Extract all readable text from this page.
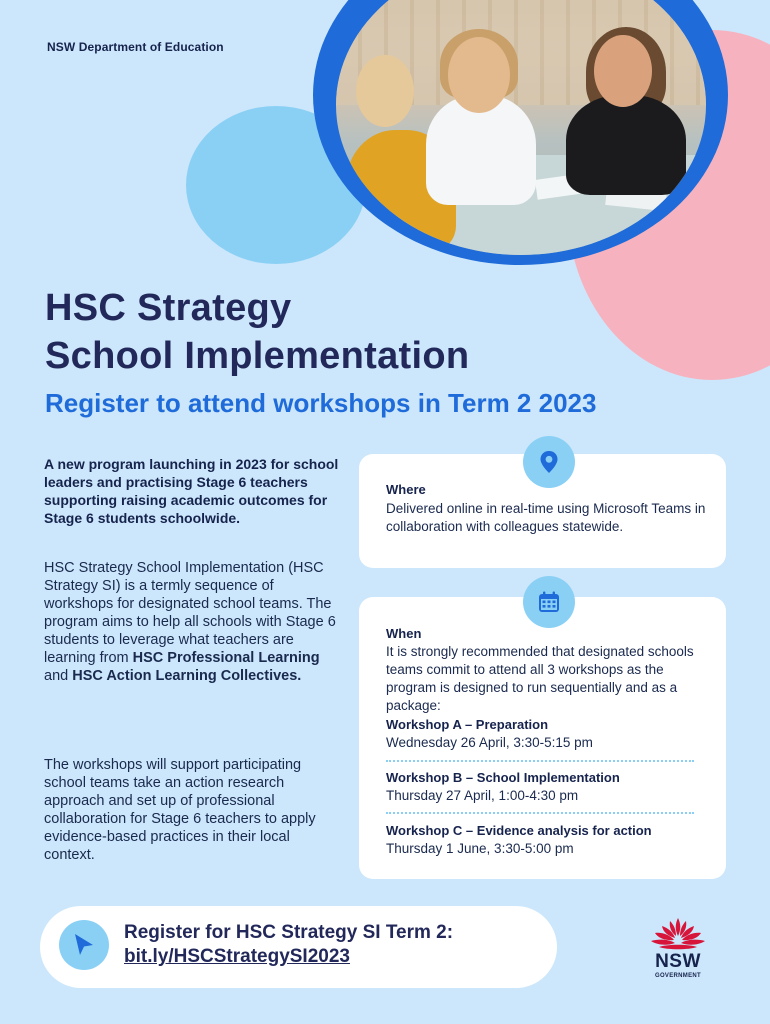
NSW Department of Education
HSC Strategy
School Implementation
Register to attend workshops in Term 2 2023

A new program launching in 2023 for school leaders and practising Stage 6 teachers supporting raising academic outcomes for Stage 6 students schoolwide.

HSC Strategy School Implementation (HSC Strategy SI) is a termly sequence of workshops for designated school teams. The program aims to help all schools with Stage 6 students to leverage what teachers are learning from HSC Professional Learning and HSC Action Learning Collectives.

The workshops will support participating school teams take an action research approach and set up of professional collaboration for Stage 6 teachers to apply evidence-based practices in their local context.

Where
Delivered online in real-time using Microsoft Teams in collaboration with colleagues statewide.
When
It is strongly recommended that designated schools teams commit to attend all 3 workshops as the program is designed to run sequentially and as a package:
Workshop A – Preparation
Wednesday 26 April, 3:30-5:15 pm
Workshop B – School Implementation
Thursday 27 April, 1:00-4:30 pm
Workshop C – Evidence analysis for action
Thursday 1 June, 3:30-5:00 pm
Register for HSC Strategy SI Term 2:
bit.ly/HSCStrategySI2023	NSW
GOVERNMENT
